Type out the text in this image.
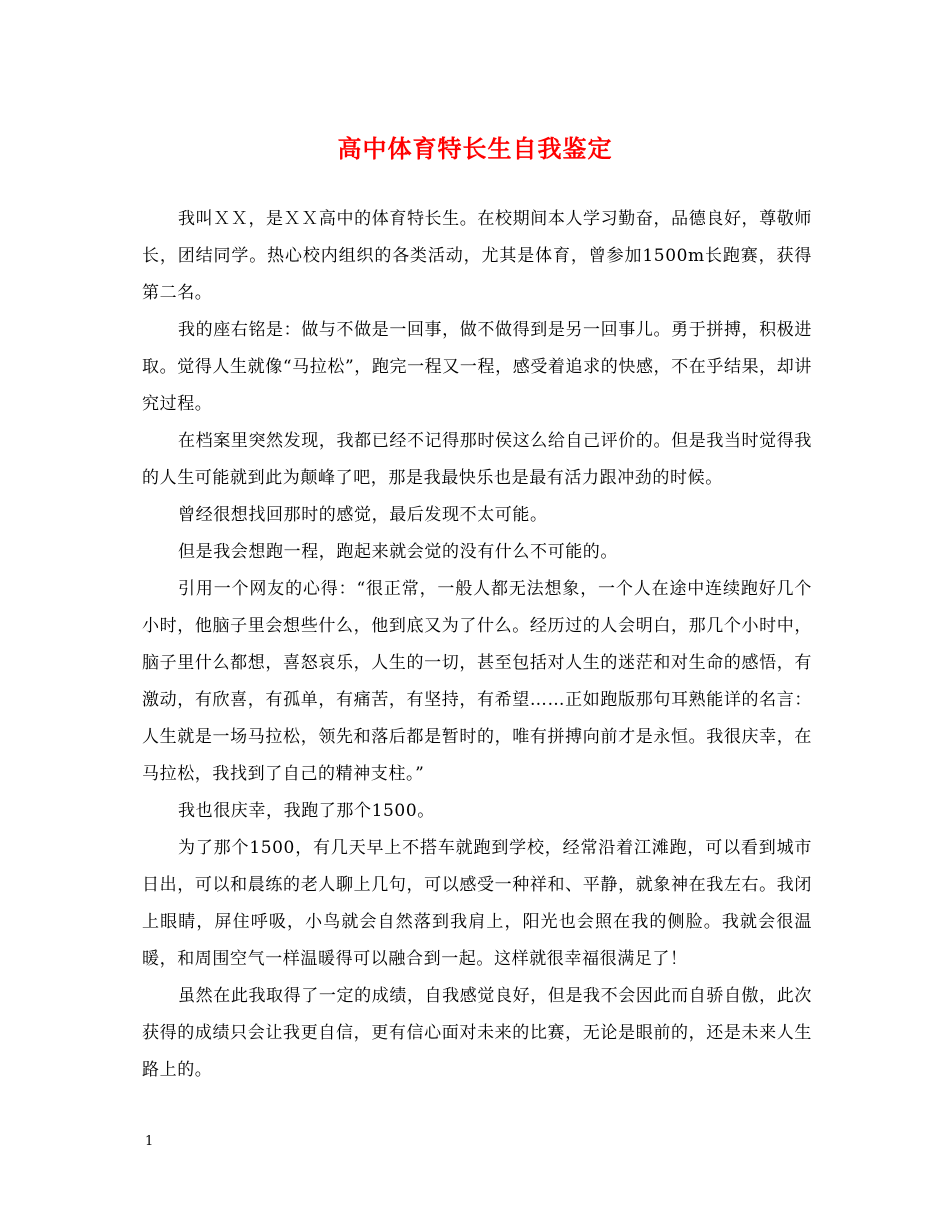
高中体育特长生自我鉴定

我叫ＸＸ，是ＸＸ高中的体育特长生。在校期间本人学习勤奋，品德良好，尊敬师长，团结同学。热心校内组织的各类活动，尤其是体育，曾参加1500m长跑赛，获得第二名。

我的座右铭是：做与不做是一回事，做不做得到是另一回事儿。勇于拼搏，积极进取。觉得人生就像“马拉松”，跑完一程又一程，感受着追求的快感，不在乎结果，却讲究过程。

在档案里突然发现，我都已经不记得那时侯这么给自己评价的。但是我当时觉得我的人生可能就到此为颠峰了吧，那是我最快乐也是最有活力跟冲劲的时候。

曾经很想找回那时的感觉，最后发现不太可能。

但是我会想跑一程，跑起来就会觉的没有什么不可能的。

引用一个网友的心得：“很正常，一般人都无法想象，一个人在途中连续跑好几个小时，他脑子里会想些什么，他到底又为了什么。经历过的人会明白，那几个小时中，脑子里什么都想，喜怒哀乐，人生的一切，甚至包括对人生的迷茫和对生命的感悟，有激动，有欣喜，有孤单，有痛苦，有坚持，有希望……正如跑版那句耳熟能详的名言：人生就是一场马拉松，领先和落后都是暂时的，唯有拼搏向前才是永恒。我很庆幸，在马拉松，我找到了自己的精神支柱。”

我也很庆幸，我跑了那个1500。

为了那个1500，有几天早上不搭车就跑到学校，经常沿着江滩跑，可以看到城市日出，可以和晨练的老人聊上几句，可以感受一种祥和、平静，就象神在我左右。我闭上眼睛，屏住呼吸，小鸟就会自然落到我肩上，阳光也会照在我的侧脸。我就会很温暖，和周围空气一样温暖得可以融合到一起。这样就很幸福很满足了！

虽然在此我取得了一定的成绩，自我感觉良好，但是我不会因此而自骄自傲，此次获得的成绩只会让我更自信，更有信心面对未来的比赛，无论是眼前的，还是未来人生路上的。

1
